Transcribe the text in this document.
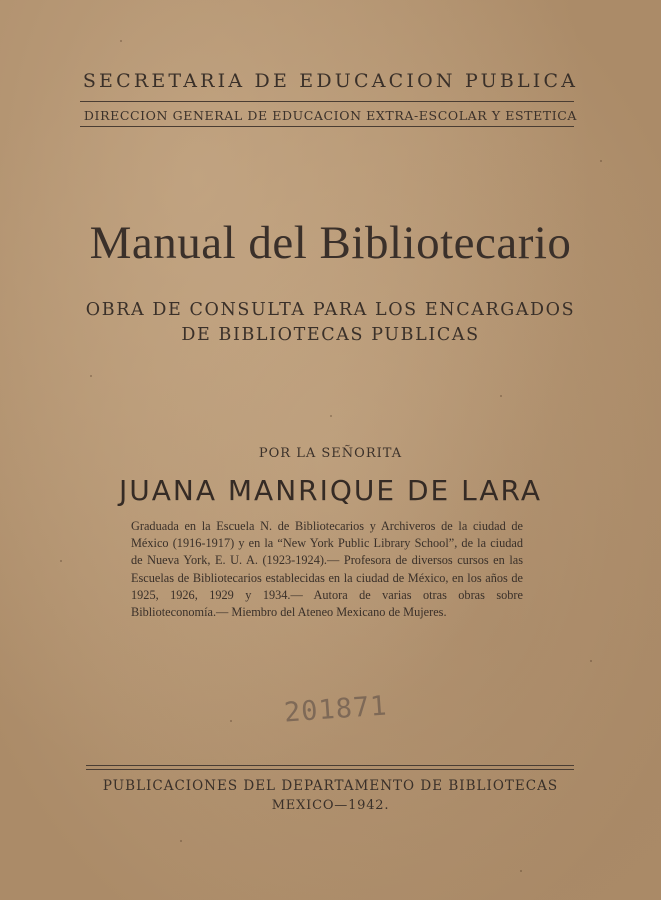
SECRETARIA DE EDUCACION PUBLICA
DIRECCION GENERAL DE EDUCACION EXTRA-ESCOLAR Y ESTETICA
Manual del Bibliotecario
OBRA DE CONSULTA PARA LOS ENCARGADOS
DE BIBLIOTECAS PUBLICAS
POR LA SEÑORITA
JUANA MANRIQUE DE LARA
Graduada en la Escuela N. de Bibliotecarios y Archiveros de la ciudad de México (1916-1917) y en la “New York Public Library School”, de la ciudad de Nueva York, E. U. A. (1923-1924).— Profesora de diversos cursos en las Escuelas de Bibliotecarios establecidas en la ciudad de México, en los años de 1925, 1926, 1929 y 1934.— Autora de varias otras obras sobre Biblioteconomía.— Miembro del Ateneo Mexicano de Mujeres.
201871
PUBLICACIONES DEL DEPARTAMENTO DE BIBLIOTECAS
MEXICO—1942.
